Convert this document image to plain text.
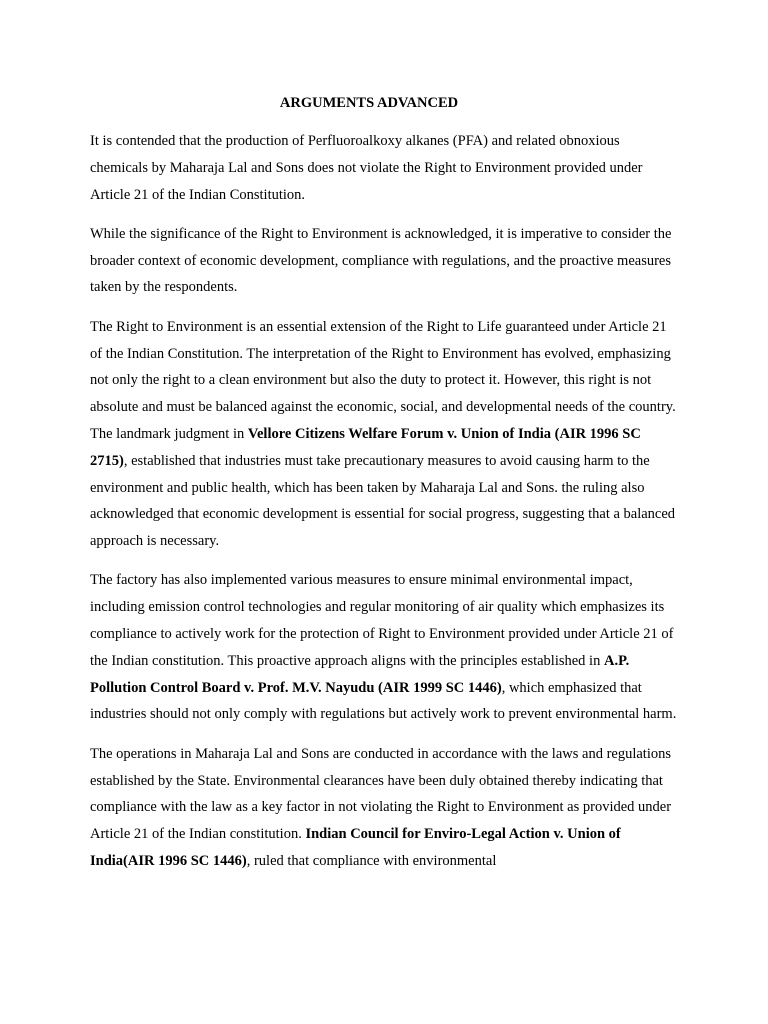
ARGUMENTS ADVANCED

It is contended that the production of Perfluoroalkoxy alkanes (PFA) and related obnoxious chemicals by Maharaja Lal and Sons does not violate the Right to Environment provided under Article 21 of the Indian Constitution.

While the significance of the Right to Environment is acknowledged, it is imperative to consider the broader context of economic development, compliance with regulations, and the proactive measures taken by the respondents.

The Right to Environment is an essential extension of the Right to Life guaranteed under Article 21 of the Indian Constitution. The interpretation of the Right to Environment has evolved, emphasizing not only the right to a clean environment but also the duty to protect it. However, this right is not absolute and must be balanced against the economic, social, and developmental needs of the country. The landmark judgment in Vellore Citizens Welfare Forum v. Union of India (AIR 1996 SC 2715), established that industries must take precautionary measures to avoid causing harm to the environment and public health, which has been taken by Maharaja Lal and Sons. the ruling also acknowledged that economic development is essential for social progress, suggesting that a balanced approach is necessary.

The factory has also implemented various measures to ensure minimal environmental impact, including emission control technologies and regular monitoring of air quality which emphasizes its compliance to actively work for the protection of Right to Environment provided under Article 21 of the Indian constitution. This proactive approach aligns with the principles established in A.P. Pollution Control Board v. Prof. M.V. Nayudu (AIR 1999 SC 1446), which emphasized that industries should not only comply with regulations but actively work to prevent environmental harm.

The operations in Maharaja Lal and Sons are conducted in accordance with the laws and regulations established by the State. Environmental clearances have been duly obtained thereby indicating that compliance with the law as a key factor in not violating the Right to Environment as provided under Article 21 of the Indian constitution. Indian Council for Enviro-Legal Action v. Union of India(AIR 1996 SC 1446), ruled that compliance with environmental
